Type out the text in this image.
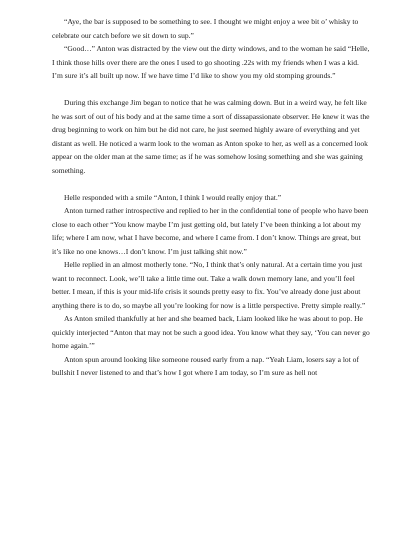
“Aye, the bar is supposed to be something to see. I thought we might enjoy a wee bit o’ whisky to celebrate our catch before we sit down to sup.”

“Good…” Anton was distracted by the view out the dirty windows, and to the woman he said “Helle, I think those hills over there are the ones I used to go shooting .22s with my friends when I was a kid. I’m sure it’s all built up now. If we have time I’d like to show you my old stomping grounds.”

During this exchange Jim began to notice that he was calming down. But in a weird way, he felt like he was sort of out of his body and at the same time a sort of dissapassionate observer. He knew it was the drug beginning to work on him but he did not care, he just seemed highly aware of everything and yet distant as well. He noticed a warm look to the woman as Anton spoke to her, as well as a concerned look appear on the older man at the same time; as if he was somehow losing something and she was gaining something.

Helle responded with a smile “Anton, I think I would really enjoy that.”

Anton turned rather introspective and replied to her in the confidential tone of people who have been close to each other “You know maybe I’m just getting old, but lately I’ve been thinking a lot about my life; where I am now, what I have become, and where I came from. I don’t know. Things are great, but it’s like no one knows…I don’t know. I’m just talking shit now.”

Helle replied in an almost motherly tone. “No, I think that’s only natural. At a certain time you just want to reconnect. Look, we’ll take a little time out. Take a walk down memory lane, and you’ll feel better. I mean, if this is your mid-life crisis it sounds pretty easy to fix. You’ve already done just about anything there is to do, so maybe all you’re looking for now is a little perspective. Pretty simple really.”

As Anton smiled thankfully at her and she beamed back, Liam looked like he was about to pop. He quickly interjected “Anton that may not be such a good idea. You know what they say, ‘You can never go home again.’”

Anton spun around looking like someone roused early from a nap. “Yeah Liam, losers say a lot of bullshit I never listened to and that’s how I got where I am today, so I’m sure as hell not
